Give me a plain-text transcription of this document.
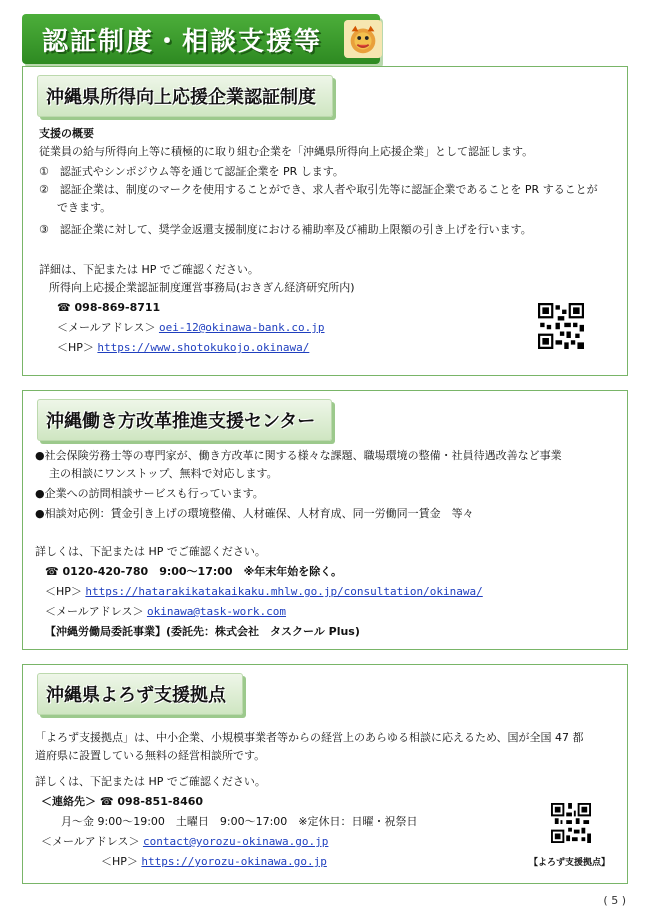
認証制度・相談支援等
沖縄県所得向上応援企業認証制度
支援の概要
従業員の給与所得向上等に積極的に取り組む企業を「沖縄県所得向上応援企業」として認証します。
①　認証式やシンポジウム等を通じて認証企業を PR します。
②　認証企業は、制度のマークを使用することができ、求人者や取引先等に認証企業であることを PR することが
できます。
③　認証企業に対して、奨学金返還支援制度における補助率及び補助上限額の引き上げを行います。
詳細は、下記または HP でご確認ください。
所得向上応援企業認証制度運営事務局(おきぎん経済研究所内)
☎ 098-869-8711
＜メールアドレス＞ oei-12@okinawa-bank.co.jp
＜HP＞ https://www.shotokukojo.okinawa/
沖縄働き方改革推進支援センター
●社会保険労務士等の専門家が、働き方改革に関する様々な課題、職場環境の整備・社員待遇改善など事業
主の相談にワンストップ、無料で対応します。
●企業への訪問相談サービスも行っています。
●相談対応例：賃金引き上げの環境整備、人材確保、人材育成、同一労働同一賃金　等々
詳しくは、下記または HP でご確認ください。
☎ 0120-420-780　9:00～17:00　※年末年始を除く。
＜HP＞ https://hatarakikatakaikaku.mhlw.go.jp/consultation/okinawa/
＜メールアドレス＞ okinawa@task-work.com
【沖縄労働局委託事業】(委託先：株式会社　タスクール Plus)
沖縄県よろず支援拠点
「よろず支援拠点」は、中小企業、小規模事業者等からの経営上のあらゆる相談に応えるため、国が全国 47 都
道府県に設置している無料の経営相談所です。
詳しくは、下記または HP でご確認ください。
＜連絡先＞ ☎ 098-851-8460
月～金 9:00～19:00　土曜日　9:00～17:00　※定休日：日曜・祝祭日
＜メールアドレス＞ contact@yorozu-okinawa.go.jp
＜HP＞ https://yorozu-okinawa.go.jp	【よろず支援拠点】
( 5 )
